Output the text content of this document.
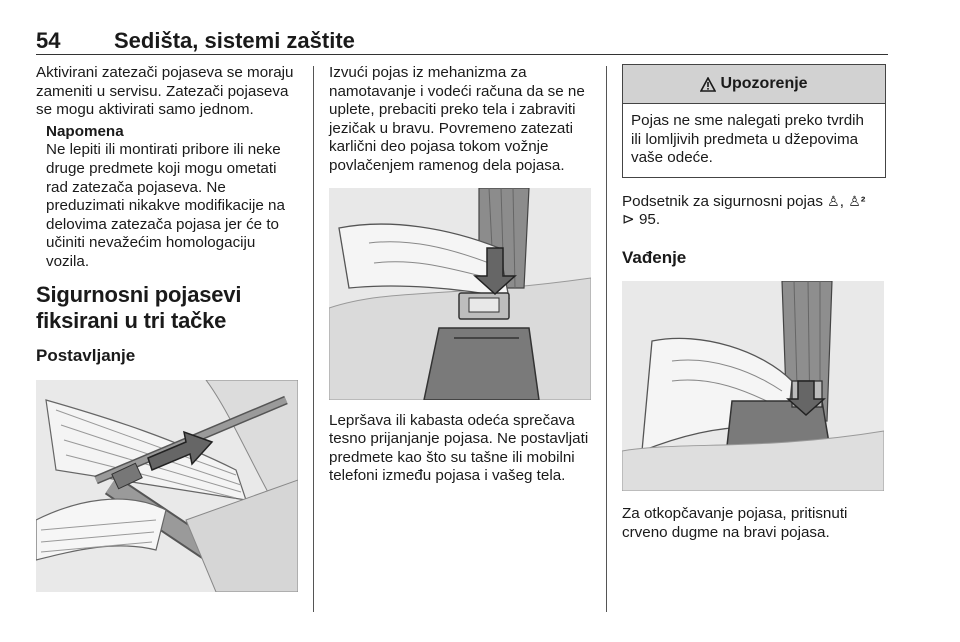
54 Sedišta, sistemi zaštite

Aktivirani zatezači pojaseva se moraju zameniti u servisu. Zatezači pojaseva se mogu aktivirati samo jednom.

Napomena

Ne lepiti ili montirati pribore ili neke druge predmete koji mogu ometati rad zatezača pojaseva. Ne preduzimati nikakve modifikacije na delovima zatezača pojasa jer će to učiniti nevažećim homologaciju vozila.

Sigurnosni pojasevi fiksirani u tri tačke
Postavljanje

Izvući pojas iz mehanizma za namotavanje i vodeći računa da se ne uplete, prebaciti preko tela i zabraviti jezičak u bravu. Povremeno zatezati karlični deo pojasa tokom vožnje povlačenjem ramenog dela pojasa.

Lepršava ili kabasta odeća sprečava tesno prijanjanje pojasa. Ne postavljati predmete kao što su tašne ili mobilni telefoni između pojasa i vašeg tela.

Upozorenje

Pojas ne sme nalegati preko tvrdih ili lomljivih predmeta u džepovima vaše odeće.

Podsetnik za sigurnosni pojas ♙, ♙²
⊳ 95.

Vađenje

Za otkopčavanje pojasa, pritisnuti crveno dugme na bravi pojasa.
